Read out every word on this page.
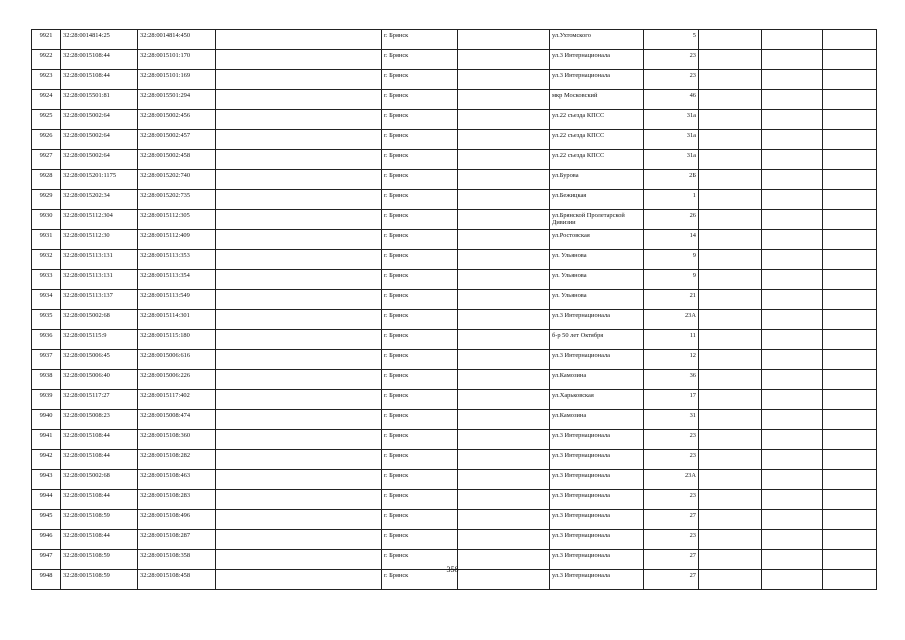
9921	32:28:0014814:25	32:28:0014814:450		г. Брянск		ул.Ухтомского	5			
9922	32:28:0015108:44	32:28:0015101:170		г. Брянск		ул.3 Интернационала	23			
9923	32:28:0015108:44	32:28:0015101:169		г. Брянск		ул.3 Интернационала	23			
9924	32:28:0015501:81	32:28:0015501:294		г. Брянск		мкр Московский	46			
9925	32:28:0015002:64	32:28:0015002:456		г. Брянск		ул.22 съезда КПСС	31а			
9926	32:28:0015002:64	32:28:0015002:457		г. Брянск		ул.22 съезда КПСС	31а			
9927	32:28:0015002:64	32:28:0015002:458		г. Брянск		ул.22 съезда КПСС	31а			
9928	32:28:0015201:1175	32:28:0015202:740		г. Брянск		ул.Бурова	2Б			
9929	32:28:0015202:34	32:28:0015202:735		г. Брянск		ул.Бежицкая	1			
9930	32:28:0015112:304	32:28:0015112:305		г. Брянск		ул.Брянской Пролетарской Дивизии	26			
9931	32:28:0015112:30	32:28:0015112:409		г. Брянск		ул.Ростовская	14			
9932	32:28:0015113:131	32:28:0015113:353		г. Брянск		ул. Ульянова	9			
9933	32:28:0015113:131	32:28:0015113:354		г. Брянск		ул. Ульянова	9			
9934	32:28:0015113:137	32:28:0015113:549		г. Брянск		ул. Ульянова	21			
9935	32:28:0015002:68	32:28:0015114:301		г. Брянск		ул.3 Интернационала	23А			
9936	32:28:0015115:9	32:28:0015115:180		г. Брянск		б-р 50 лет Октября	11			
9937	32:28:0015006:45	32:28:0015006:616		г. Брянск		ул.3 Интернационала	12			
9938	32:28:0015006:40	32:28:0015006:226		г. Брянск		ул.Камозина	36			
9939	32:28:0015117:27	32:28:0015117:402		г. Брянск		ул.Харьковская	17			
9940	32:28:0015008:23	32:28:0015008:474		г. Брянск		ул.Камозина	31			
9941	32:28:0015108:44	32:28:0015108:360		г. Брянск		ул.3 Интернационала	23			
9942	32:28:0015108:44	32:28:0015108:282		г. Брянск		ул.3 Интернационала	23			
9943	32:28:0015002:68	32:28:0015108:463		г. Брянск		ул.3 Интернационала	23А			
9944	32:28:0015108:44	32:28:0015108:283		г. Брянск		ул.3 Интернационала	23			
9945	32:28:0015108:59	32:28:0015108:496		г. Брянск		ул.3 Интернационала	27			
9946	32:28:0015108:44	32:28:0015108:287		г. Брянск		ул.3 Интернационала	23			
9947	32:28:0015108:59	32:28:0015108:358		г. Брянск		ул.3 Интернационала	27			
9948	32:28:0015108:59	32:28:0015108:458		г. Брянск		ул.3 Интернационала	27			
358
